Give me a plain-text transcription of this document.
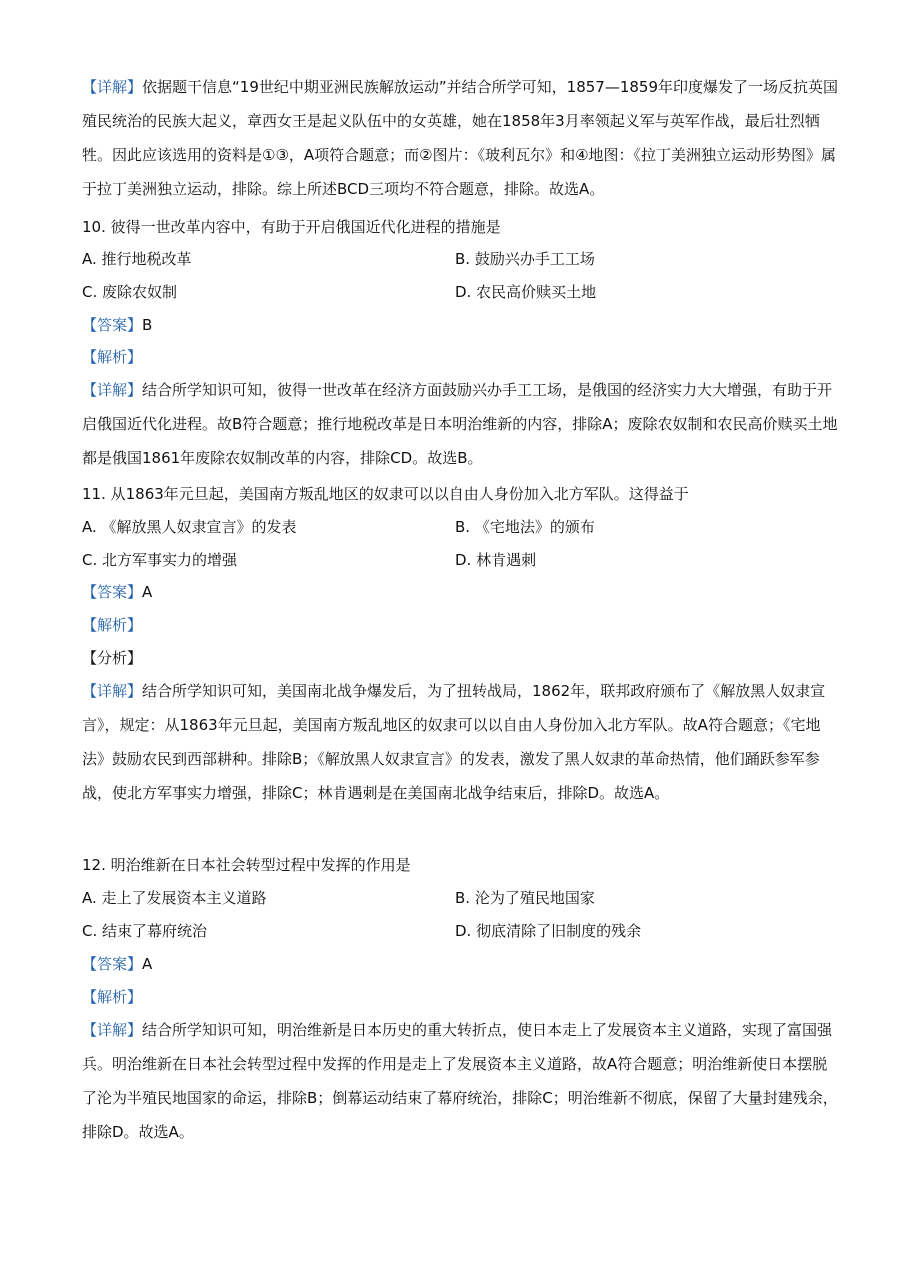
【详解】依据题干信息“19世纪中期亚洲民族解放运动”并结合所学可知，1857—1859年印度爆发了一场反抗英国殖民统治的民族大起义，章西女王是起义队伍中的女英雄，她在1858年3月率领起义军与英军作战，最后壮烈牺牲。因此应该选用的资料是①③，A项符合题意；而②图片：《玻利瓦尔》和④地图：《拉丁美洲独立运动形势图》属于拉丁美洲独立运动，排除。综上所述BCD三项均不符合题意，排除。故选A。

10. 彼得一世改革内容中，有助于开启俄国近代化进程的措施是

A. 推行地税改革	B. 鼓励兴办手工工场
C. 废除农奴制	D. 农民高价赎买土地

【答案】B

【解析】

【详解】结合所学知识可知，彼得一世改革在经济方面鼓励兴办手工工场，是俄国的经济实力大大增强，有助于开启俄国近代化进程。故B符合题意；推行地税改革是日本明治维新的内容，排除A；废除农奴制和农民高价赎买土地都是俄国1861年废除农奴制改革的内容，排除CD。故选B。

11. 从1863年元旦起，美国南方叛乱地区的奴隶可以以自由人身份加入北方军队。这得益于

A. 《解放黑人奴隶宣言》的发表	B. 《宅地法》的颁布
C. 北方军事实力的增强	D. 林肯遇刺

【答案】A

【解析】

【分析】

【详解】结合所学知识可知，美国南北战争爆发后，为了扭转战局，1862年，联邦政府颁布了《解放黑人奴隶宣言》，规定：从1863年元旦起，美国南方叛乱地区的奴隶可以以自由人身份加入北方军队。故A符合题意；《宅地法》鼓励农民到西部耕种。排除B；《解放黑人奴隶宣言》的发表，激发了黑人奴隶的革命热情，他们踊跃参军参战，使北方军事实力增强，排除C；林肯遇刺是在美国南北战争结束后，排除D。故选A。

12. 明治维新在日本社会转型过程中发挥的作用是

A. 走上了发展资本主义道路	B. 沦为了殖民地国家
C. 结束了幕府统治	D. 彻底清除了旧制度的残余

【答案】A

【解析】

【详解】结合所学知识可知，明治维新是日本历史的重大转折点，使日本走上了发展资本主义道路，实现了富国强兵。明治维新在日本社会转型过程中发挥的作用是走上了发展资本主义道路，故A符合题意；明治维新使日本摆脱了沦为半殖民地国家的命运，排除B；倒幕运动结束了幕府统治，排除C；明治维新不彻底，保留了大量封建残余，排除D。故选A。
